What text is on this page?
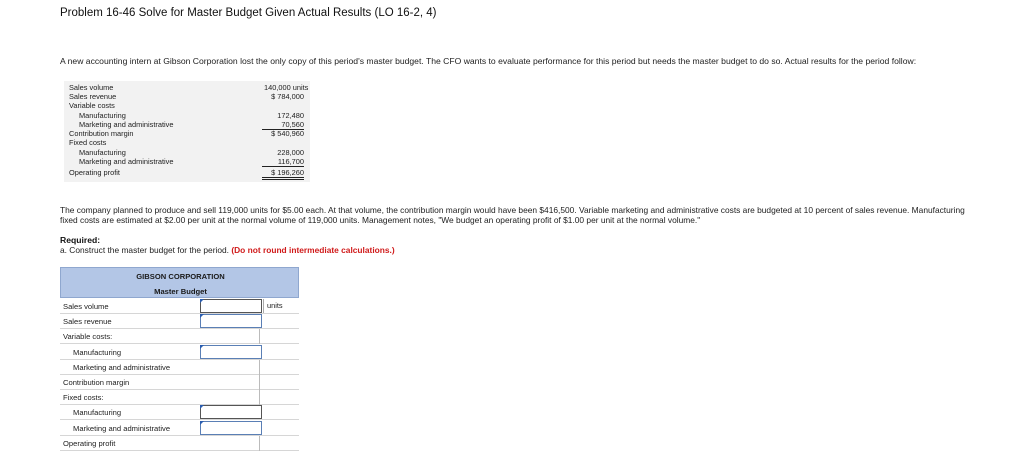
Problem 16-46 Solve for Master Budget Given Actual Results (LO 16-2, 4)
A new accounting intern at Gibson Corporation lost the only copy of this period's master budget. The CFO wants to evaluate performance for this period but needs the master budget to do so. Actual results for the period follow:
Sales volume	140,000 units
Sales revenue	$ 784,000
Variable costs
Manufacturing	172,480
Marketing and administrative	70,560
Contribution margin	$ 540,960
Fixed costs
Manufacturing	228,000
Marketing and administrative	116,700
Operating profit	$ 196,260
The company planned to produce and sell 119,000 units for $5.00 each. At that volume, the contribution margin would have been $416,500. Variable marketing and administrative costs are budgeted at 10 percent of sales revenue. Manufacturing fixed costs are estimated at $2.00 per unit at the normal volume of 119,000 units. Management notes, "We budget an operating profit of $1.00 per unit at the normal volume."
Required:
a. Construct the master budget for the period. (Do not round intermediate calculations.)
GIBSON CORPORATION
Master Budget
Sales volume	units
Sales revenue
Variable costs:
Manufacturing
Marketing and administrative
Contribution margin
Fixed costs:
Manufacturing
Marketing and administrative
Operating profit
